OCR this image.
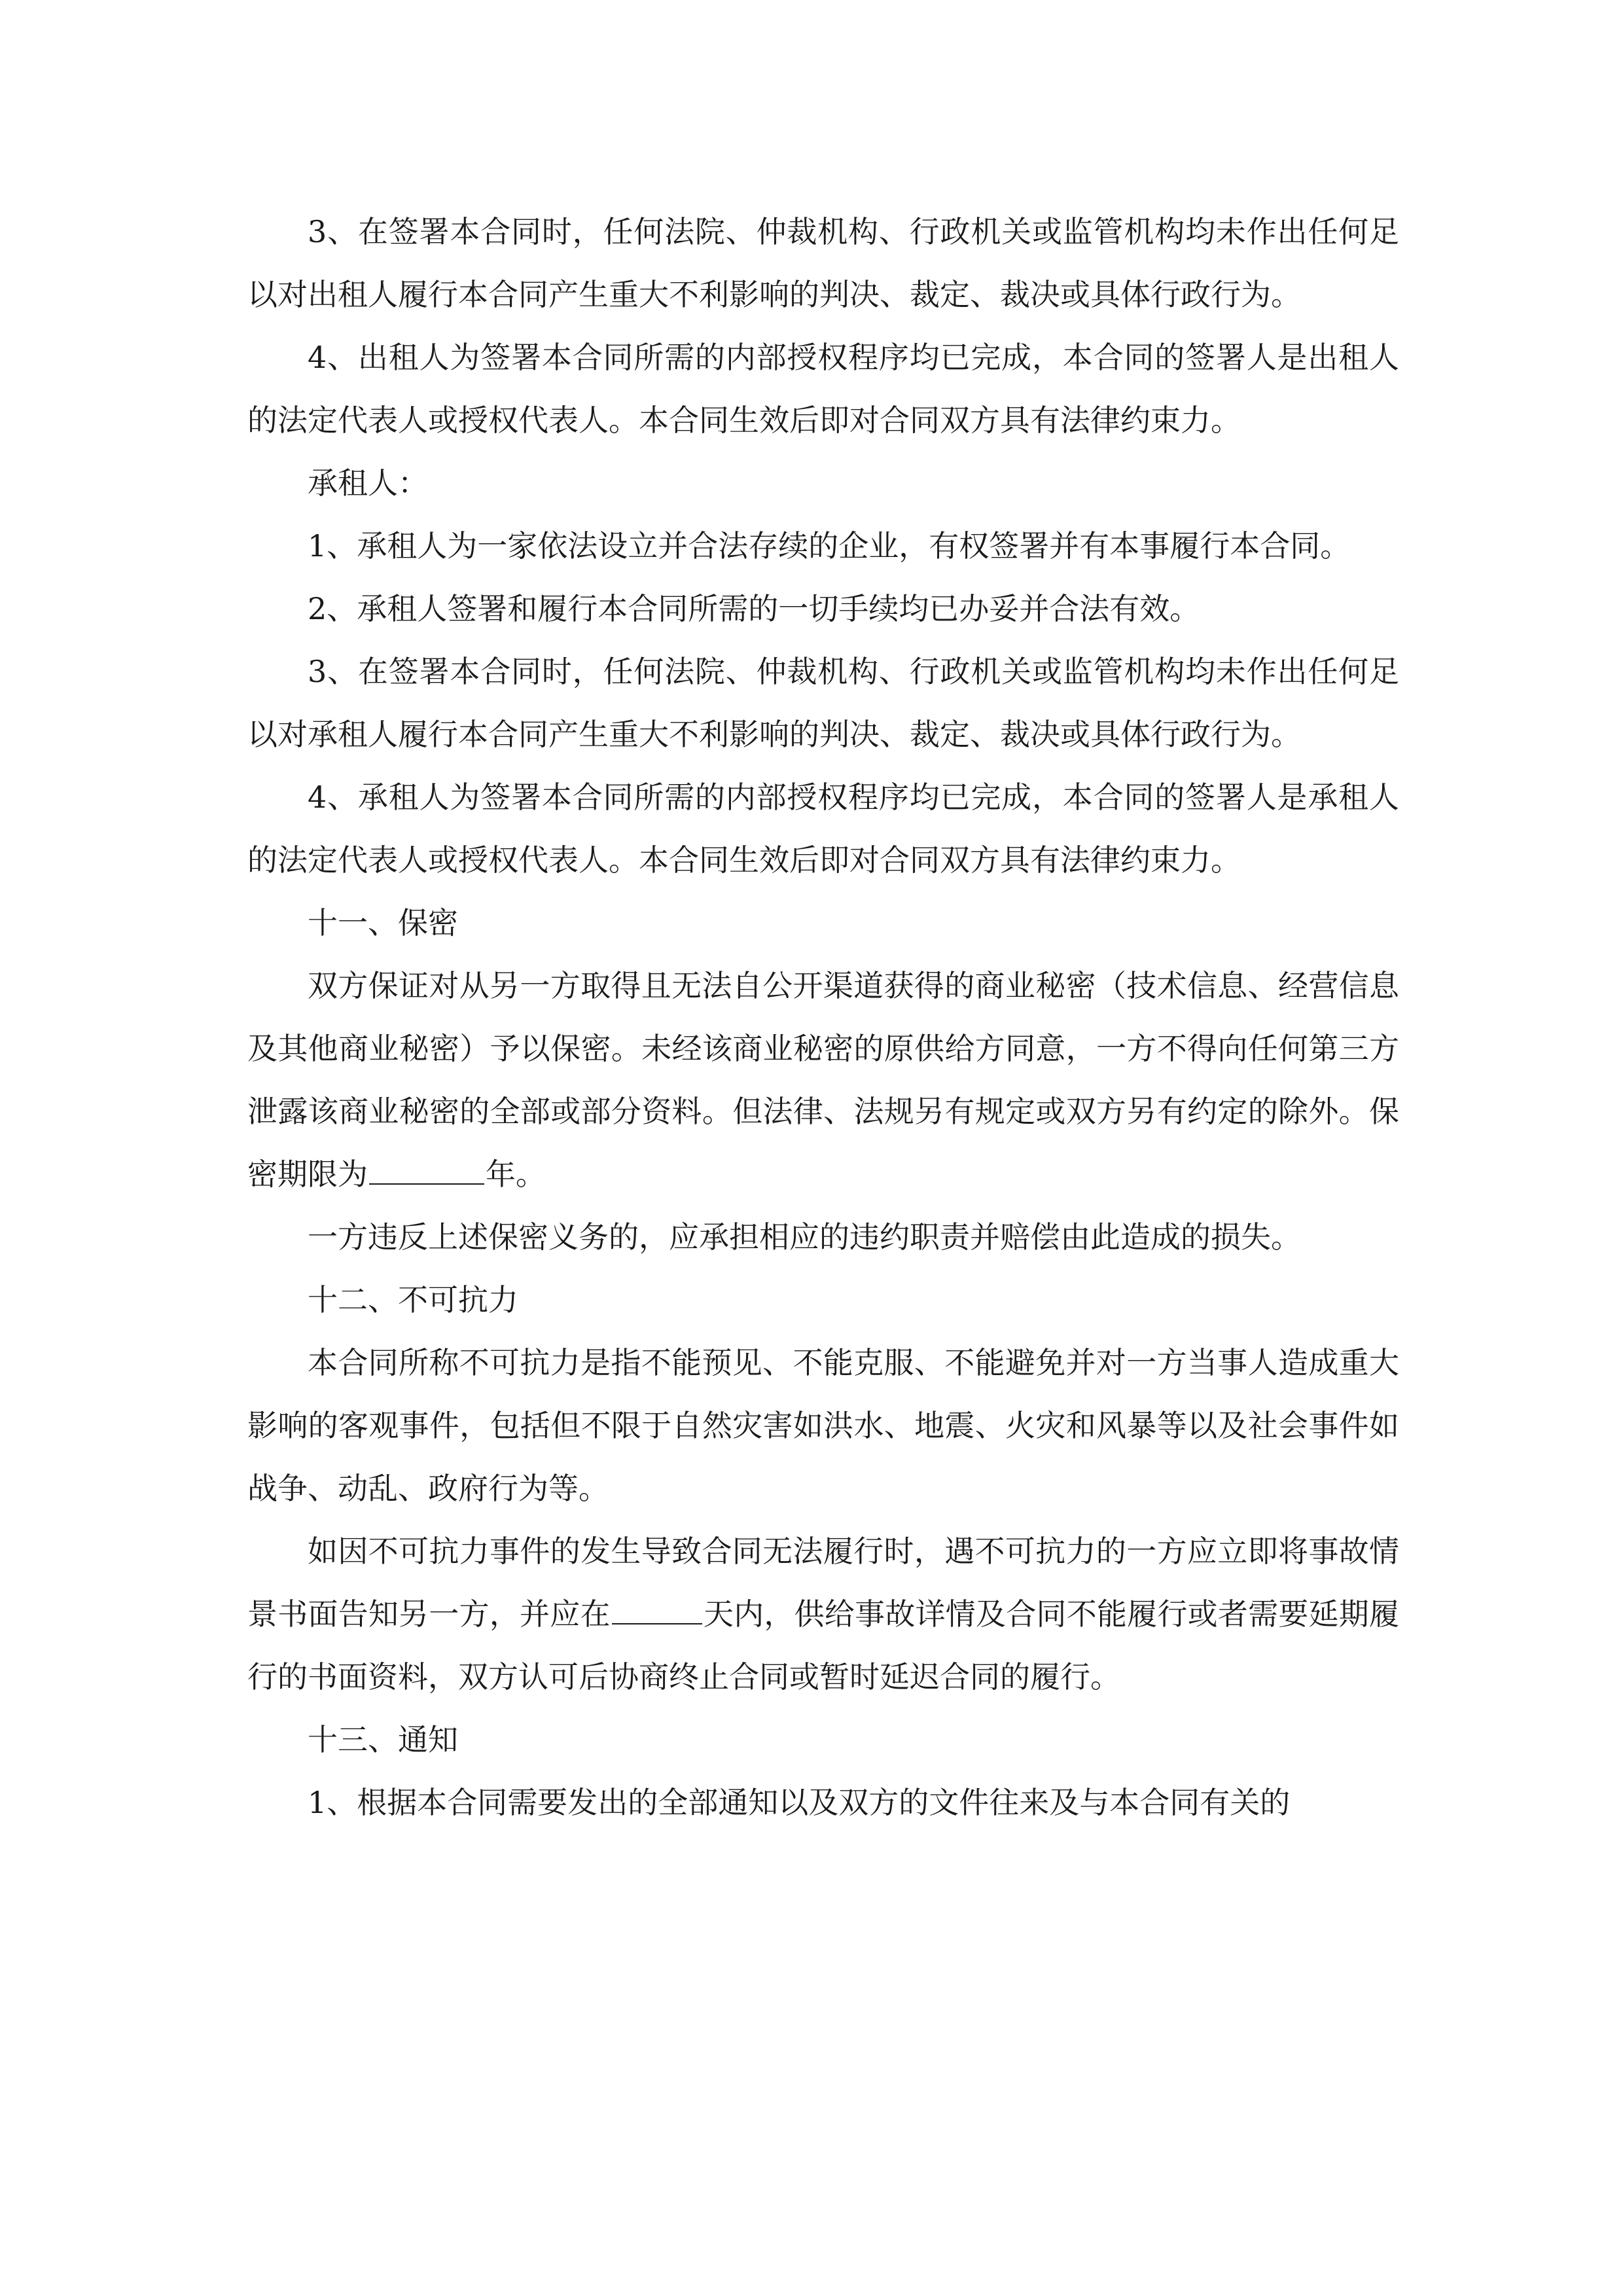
3、在签署本合同时，任何法院、仲裁机构、行政机关或监管机构均未作出任何足以对出租人履行本合同产生重大不利影响的判决、裁定、裁决或具体行政行为。

4、出租人为签署本合同所需的内部授权程序均已完成，本合同的签署人是出租人的法定代表人或授权代表人。本合同生效后即对合同双方具有法律约束力。

承租人：

1、承租人为一家依法设立并合法存续的企业，有权签署并有本事履行本合同。

2、承租人签署和履行本合同所需的一切手续均已办妥并合法有效。

3、在签署本合同时，任何法院、仲裁机构、行政机关或监管机构均未作出任何足以对承租人履行本合同产生重大不利影响的判决、裁定、裁决或具体行政行为。

4、承租人为签署本合同所需的内部授权程序均已完成，本合同的签署人是承租人的法定代表人或授权代表人。本合同生效后即对合同双方具有法律约束力。

十一、保密

双方保证对从另一方取得且无法自公开渠道获得的商业秘密（技术信息、经营信息及其他商业秘密）予以保密。未经该商业秘密的原供给方同意，一方不得向任何第三方泄露该商业秘密的全部或部分资料。但法律、法规另有规定或双方另有约定的除外。保密期限为	年。

一方违反上述保密义务的，应承担相应的违约职责并赔偿由此造成的损失。

十二、不可抗力

本合同所称不可抗力是指不能预见、不能克服、不能避免并对一方当事人造成重大影响的客观事件，包括但不限于自然灾害如洪水、地震、火灾和风暴等以及社会事件如战争、动乱、政府行为等。

如因不可抗力事件的发生导致合同无法履行时，遇不可抗力的一方应立即将事故情景书面告知另一方，并应在	天内，供给事故详情及合同不能履行或者需要延期履行的书面资料，双方认可后协商终止合同或暂时延迟合同的履行。

十三、通知

1、根据本合同需要发出的全部通知以及双方的文件往来及与本合同有关的
